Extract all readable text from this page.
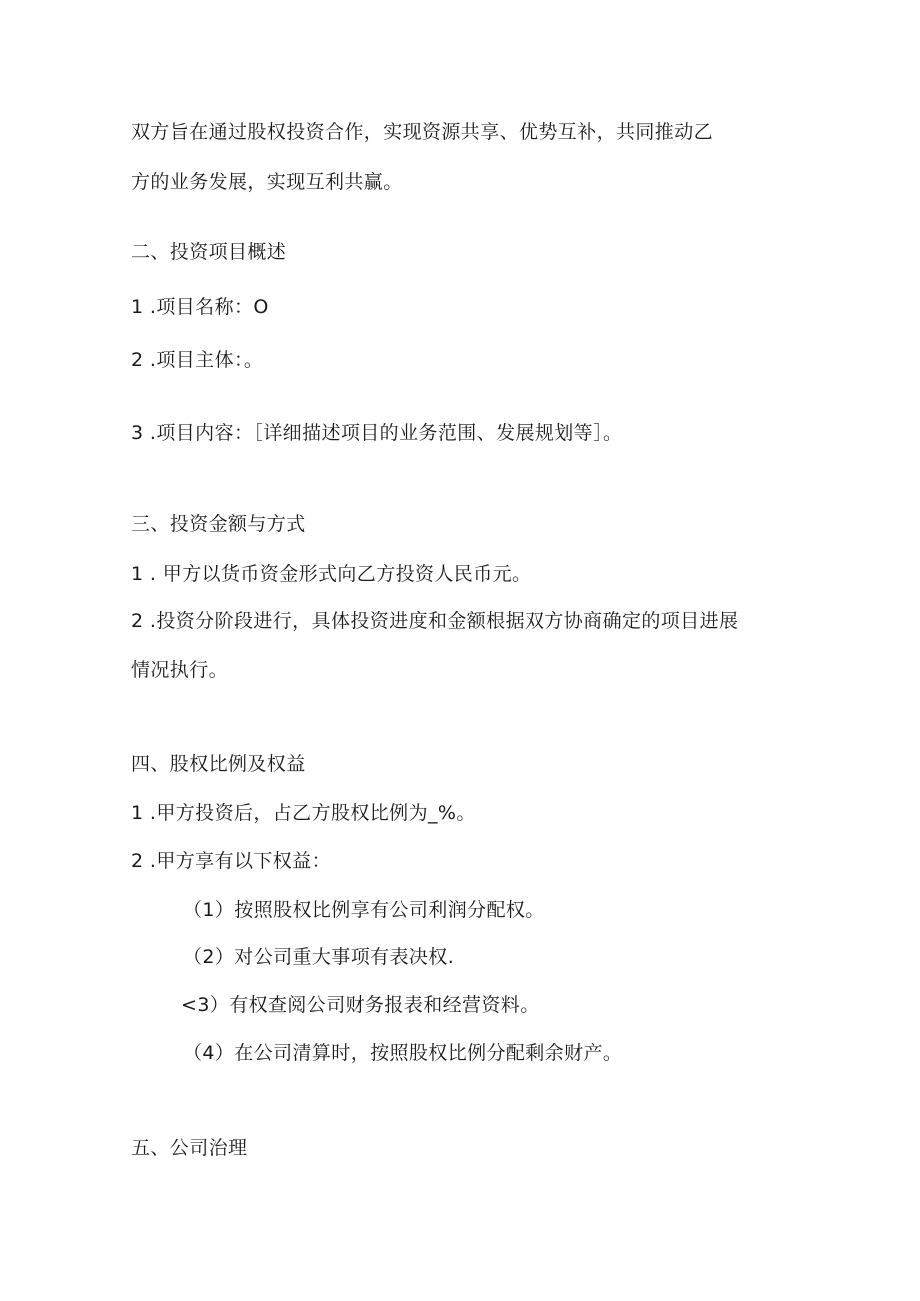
双方旨在通过股权投资合作，实现资源共享、优势互补，共同推动乙
方的业务发展，实现互利共赢。
二、投资项目概述
1 .项目名称：O
2 .项目主体：。
3 .项目内容：［详细描述项目的业务范围、发展规划等］。
三、投资金额与方式
1 . 甲方以货币资金形式向乙方投资人民币元。
2 .投资分阶段进行，具体投资进度和金额根据双方协商确定的项目进展
情况执行。
四、股权比例及权益
1 .甲方投资后，占乙方股权比例为_%。
2 .甲方享有以下权益：
（1）按照股权比例享有公司利润分配权。
（2）对公司重大事项有表决权.
<3）有权查阅公司财务报表和经营资料。
（4）在公司清算时，按照股权比例分配剩余财产。
五、公司治理
